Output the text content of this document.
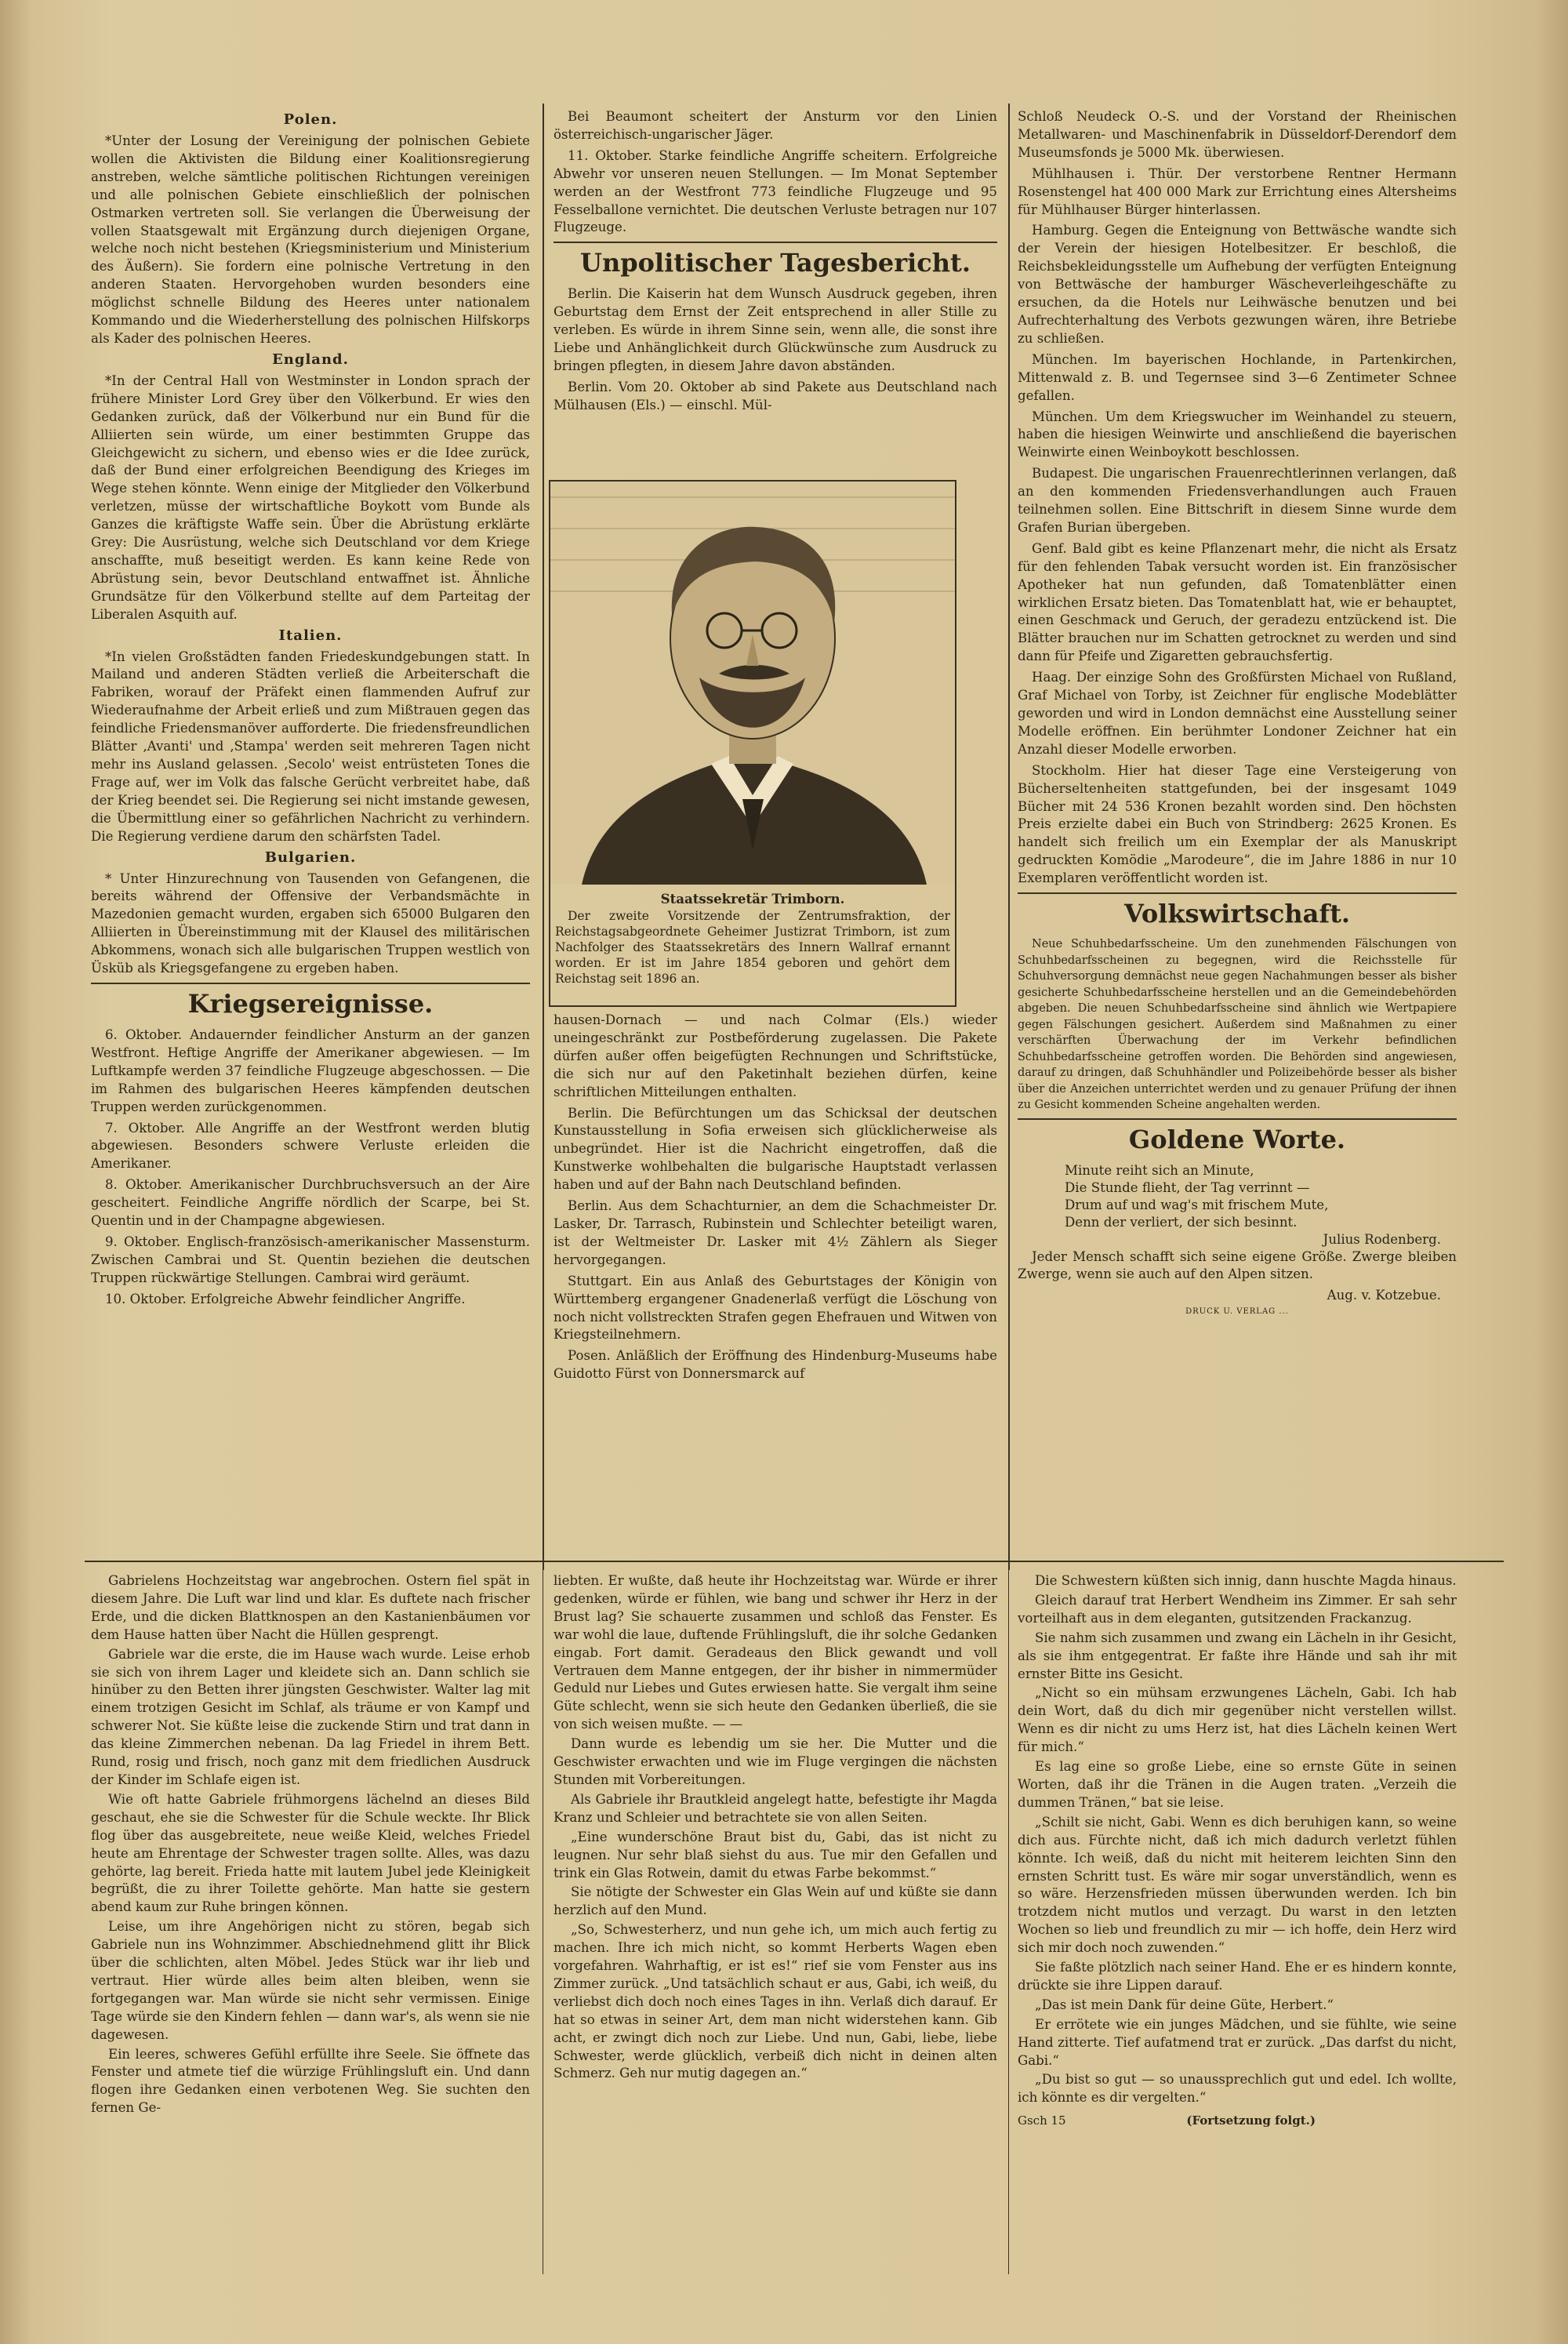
Polen.

*Unter der Losung der Vereinigung der polnischen Gebiete wollen die Aktivisten die Bildung einer Koalitionsregierung anstreben, welche sämtliche politischen Richtungen vereinigen und alle polnischen Gebiete einschließlich der polnischen Ostmarken vertreten soll. Sie verlangen die Überweisung der vollen Staatsgewalt mit Ergänzung durch diejenigen Organe, welche noch nicht bestehen (Kriegsministerium und Ministerium des Äußern). Sie fordern eine polnische Vertretung in den anderen Staaten. Hervorgehoben wurden besonders eine möglichst schnelle Bildung des Heeres unter nationalem Kommando und die Wiederherstellung des polnischen Hilfskorps als Kader des polnischen Heeres.

England.

*In der Central Hall von Westminster in London sprach der frühere Minister Lord Grey über den Völkerbund. Er wies den Gedanken zurück, daß der Völkerbund nur ein Bund für die Alliierten sein würde, um einer bestimmten Gruppe das Gleichgewicht zu sichern, und ebenso wies er die Idee zurück, daß der Bund einer erfolgreichen Beendigung des Krieges im Wege stehen könnte. Wenn einige der Mitglieder den Völkerbund verletzen, müsse der wirtschaftliche Boykott vom Bunde als Ganzes die kräftigste Waffe sein. Über die Abrüstung erklärte Grey: Die Ausrüstung, welche sich Deutschland vor dem Kriege anschaffte, muß beseitigt werden. Es kann keine Rede von Abrüstung sein, bevor Deutschland entwaffnet ist. Ähnliche Grundsätze für den Völkerbund stellte auf dem Parteitag der Liberalen Asquith auf.

Italien.

*In vielen Großstädten fanden Friedeskundgebungen statt. In Mailand und anderen Städten verließ die Arbeiterschaft die Fabriken, worauf der Präfekt einen flammenden Aufruf zur Wiederaufnahme der Arbeit erließ und zum Mißtrauen gegen das feindliche Friedensmanöver aufforderte. Die friedensfreundlichen Blätter ‚Avanti' und ‚Stampa' werden seit mehreren Tagen nicht mehr ins Ausland gelassen. ‚Secolo' weist entrüsteten Tones die Frage auf, wer im Volk das falsche Gerücht verbreitet habe, daß der Krieg beendet sei. Die Regierung sei nicht imstande gewesen, die Übermittlung einer so gefährlichen Nachricht zu verhindern. Die Regierung verdiene darum den schärfsten Tadel.

Bulgarien.

* Unter Hinzurechnung von Tausenden von Gefangenen, die bereits während der Offensive der Verbandsmächte in Mazedonien gemacht wurden, ergaben sich 65000 Bulgaren den Alliierten in Übereinstimmung mit der Klausel des militärischen Abkommens, wonach sich alle bulgarischen Truppen westlich von Üsküb als Kriegsgefangene zu ergeben haben.

Kriegsereignisse.

6. Oktober. Andauernder feindlicher Ansturm an der ganzen Westfront. Heftige Angriffe der Amerikaner abgewiesen. — Im Luftkampfe werden 37 feindliche Flugzeuge abgeschossen. — Die im Rahmen des bulgarischen Heeres kämpfenden deutschen Truppen werden zurückgenommen.

7. Oktober. Alle Angriffe an der Westfront werden blutig abgewiesen. Besonders schwere Verluste erleiden die Amerikaner.

8. Oktober. Amerikanischer Durchbruchsversuch an der Aire gescheitert. Feindliche Angriffe nördlich der Scarpe, bei St. Quentin und in der Champagne abgewiesen.

9. Oktober. Englisch-französisch-amerikanischer Massensturm. Zwischen Cambrai und St. Quentin beziehen die deutschen Truppen rückwärtige Stellungen. Cambrai wird geräumt.

10. Oktober. Erfolgreiche Abwehr feindlicher Angriffe.

Bei Beaumont scheitert der Ansturm vor den Linien österreichisch-ungarischer Jäger.

11. Oktober. Starke feindliche Angriffe scheitern. Erfolgreiche Abwehr vor unseren neuen Stellungen. — Im Monat September werden an der Westfront 773 feindliche Flugzeuge und 95 Fesselballone vernichtet. Die deutschen Verluste betragen nur 107 Flugzeuge.

Unpolitischer Tagesbericht.

Berlin. Die Kaiserin hat dem Wunsch Ausdruck gegeben, ihren Geburtstag dem Ernst der Zeit entsprechend in aller Stille zu verleben. Es würde in ihrem Sinne sein, wenn alle, die sonst ihre Liebe und Anhänglichkeit durch Glückwünsche zum Ausdruck zu bringen pflegten, in diesem Jahre davon abständen.

Berlin. Vom 20. Oktober ab sind Pakete aus Deutschland nach Mülhausen (Els.) — einschl. Mül-

Staatssekretär Trimborn.

Der zweite Vorsitzende der Zentrumsfraktion, der Reichstagsabgeordnete Geheimer Justizrat Trimborn, ist zum Nachfolger des Staatssekretärs des Innern Wallraf ernannt worden. Er ist im Jahre 1854 geboren und gehört dem Reichstag seit 1896 an.

hausen-Dornach — und nach Colmar (Els.) wieder uneingeschränkt zur Postbeförderung zugelassen. Die Pakete dürfen außer offen beigefügten Rechnungen und Schriftstücke, die sich nur auf den Paketinhalt beziehen dürfen, keine schriftlichen Mitteilungen enthalten.

Berlin. Die Befürchtungen um das Schicksal der deutschen Kunstausstellung in Sofia erweisen sich glücklicherweise als unbegründet. Hier ist die Nachricht eingetroffen, daß die Kunstwerke wohlbehalten die bulgarische Hauptstadt verlassen haben und auf der Bahn nach Deutschland befinden.

Berlin. Aus dem Schachturnier, an dem die Schachmeister Dr. Lasker, Dr. Tarrasch, Rubinstein und Schlechter beteiligt waren, ist der Weltmeister Dr. Lasker mit 4½ Zählern als Sieger hervorgegangen.

Stuttgart. Ein aus Anlaß des Geburtstages der Königin von Württemberg ergangener Gnadenerlaß verfügt die Löschung von noch nicht vollstreckten Strafen gegen Ehefrauen und Witwen von Kriegsteilnehmern.

Posen. Anläßlich der Eröffnung des Hindenburg-Museums habe Guidotto Fürst von Donnersmarck auf

Schloß Neudeck O.-S. und der Vorstand der Rheinischen Metallwaren- und Maschinenfabrik in Düsseldorf-Derendorf dem Museumsfonds je 5000 Mk. überwiesen.

Mühlhausen i. Thür. Der verstorbene Rentner Hermann Rosenstengel hat 400 000 Mark zur Errichtung eines Altersheims für Mühlhauser Bürger hinterlassen.

Hamburg. Gegen die Enteignung von Bettwäsche wandte sich der Verein der hiesigen Hotelbesitzer. Er beschloß, die Reichsbekleidungsstelle um Aufhebung der verfügten Enteignung von Bettwäsche der hamburger Wäscheverleihgeschäfte zu ersuchen, da die Hotels nur Leihwäsche benutzen und bei Aufrechterhaltung des Verbots gezwungen wären, ihre Betriebe zu schließen.

München. Im bayerischen Hochlande, in Partenkirchen, Mittenwald z. B. und Tegernsee sind 3—6 Zentimeter Schnee gefallen.

München. Um dem Kriegswucher im Weinhandel zu steuern, haben die hiesigen Weinwirte und anschließend die bayerischen Weinwirte einen Weinboykott beschlossen.

Budapest. Die ungarischen Frauenrechtlerinnen verlangen, daß an den kommenden Friedensverhandlungen auch Frauen teilnehmen sollen. Eine Bittschrift in diesem Sinne wurde dem Grafen Burian übergeben.

Genf. Bald gibt es keine Pflanzenart mehr, die nicht als Ersatz für den fehlenden Tabak versucht worden ist. Ein französischer Apotheker hat nun gefunden, daß Tomatenblätter einen wirklichen Ersatz bieten. Das Tomatenblatt hat, wie er behauptet, einen Geschmack und Geruch, der geradezu entzückend ist. Die Blätter brauchen nur im Schatten getrocknet zu werden und sind dann für Pfeife und Zigaretten gebrauchsfertig.

Haag. Der einzige Sohn des Großfürsten Michael von Rußland, Graf Michael von Torby, ist Zeichner für englische Modeblätter geworden und wird in London demnächst eine Ausstellung seiner Modelle eröffnen. Ein berühmter Londoner Zeichner hat ein Anzahl dieser Modelle erworben.

Stockholm. Hier hat dieser Tage eine Versteigerung von Bücherseltenheiten stattgefunden, bei der insgesamt 1049 Bücher mit 24 536 Kronen bezahlt worden sind. Den höchsten Preis erzielte dabei ein Buch von Strindberg: 2625 Kronen. Es handelt sich freilich um ein Exemplar der als Manuskript gedruckten Komödie „Marodeure“, die im Jahre 1886 in nur 10 Exemplaren veröffentlicht worden ist.

Volkswirtschaft.

Neue Schuhbedarfsscheine. Um den zunehmenden Fälschungen von Schuhbedarfsscheinen zu begegnen, wird die Reichsstelle für Schuhversorgung demnächst neue gegen Nachahmungen besser als bisher gesicherte Schuhbedarfsscheine herstellen und an die Gemeindebehörden abgeben. Die neuen Schuhbedarfsscheine sind ähnlich wie Wertpapiere gegen Fälschungen gesichert. Außerdem sind Maßnahmen zu einer verschärften Überwachung der im Verkehr befindlichen Schuhbedarfsscheine getroffen worden. Die Behörden sind angewiesen, darauf zu dringen, daß Schuhhändler und Polizeibehörde besser als bisher über die Anzeichen unterrichtet werden und zu genauer Prüfung der ihnen zu Gesicht kommenden Scheine angehalten werden.

Goldene Worte.
Minute reiht sich an Minute,
Die Stunde flieht, der Tag verrinnt —
Drum auf und wag's mit frischem Mute,
Denn der verliert, der sich besinnt.
Julius Rodenberg.

Jeder Mensch schafft sich seine eigene Größe. Zwerge bleiben Zwerge, wenn sie auch auf den Alpen sitzen.

Aug. v. Kotzebue.
DRUCK U. VERLAG ...

Gabrielens Hochzeitstag war angebrochen. Ostern fiel spät in diesem Jahre. Die Luft war lind und klar. Es duftete nach frischer Erde, und die dicken Blattknospen an den Kastanienbäumen vor dem Hause hatten über Nacht die Hüllen gesprengt.

Gabriele war die erste, die im Hause wach wurde. Leise erhob sie sich von ihrem Lager und kleidete sich an. Dann schlich sie hinüber zu den Betten ihrer jüngsten Geschwister. Walter lag mit einem trotzigen Gesicht im Schlaf, als träume er von Kampf und schwerer Not. Sie küßte leise die zuckende Stirn und trat dann in das kleine Zimmerchen nebenan. Da lag Friedel in ihrem Bett. Rund, rosig und frisch, noch ganz mit dem friedlichen Ausdruck der Kinder im Schlafe eigen ist.

Wie oft hatte Gabriele frühmorgens lächelnd an dieses Bild geschaut, ehe sie die Schwester für die Schule weckte. Ihr Blick flog über das ausgebreitete, neue weiße Kleid, welches Friedel heute am Ehrentage der Schwester tragen sollte. Alles, was dazu gehörte, lag bereit. Frieda hatte mit lautem Jubel jede Kleinigkeit begrüßt, die zu ihrer Toilette gehörte. Man hatte sie gestern abend kaum zur Ruhe bringen können.

Leise, um ihre Angehörigen nicht zu stören, begab sich Gabriele nun ins Wohnzimmer. Abschiednehmend glitt ihr Blick über die schlichten, alten Möbel. Jedes Stück war ihr lieb und vertraut. Hier würde alles beim alten bleiben, wenn sie fortgegangen war. Man würde sie nicht sehr vermissen. Einige Tage würde sie den Kindern fehlen — dann war's, als wenn sie nie dagewesen.

Ein leeres, schweres Gefühl erfüllte ihre Seele. Sie öffnete das Fenster und atmete tief die würzige Frühlingsluft ein. Und dann flogen ihre Gedanken einen verbotenen Weg. Sie suchten den fernen Ge-

liebten. Er wußte, daß heute ihr Hochzeitstag war. Würde er ihrer gedenken, würde er fühlen, wie bang und schwer ihr Herz in der Brust lag? Sie schauerte zusammen und schloß das Fenster. Es war wohl die laue, duftende Frühlingsluft, die ihr solche Gedanken eingab. Fort damit. Geradeaus den Blick gewandt und voll Vertrauen dem Manne entgegen, der ihr bisher in nimmermüder Geduld nur Liebes und Gutes erwiesen hatte. Sie vergalt ihm seine Güte schlecht, wenn sie sich heute den Gedanken überließ, die sie von sich weisen mußte. — —

Dann wurde es lebendig um sie her. Die Mutter und die Geschwister erwachten und wie im Fluge vergingen die nächsten Stunden mit Vorbereitungen.

Als Gabriele ihr Brautkleid angelegt hatte, befestigte ihr Magda Kranz und Schleier und betrachtete sie von allen Seiten.

„Eine wunderschöne Braut bist du, Gabi, das ist nicht zu leugnen. Nur sehr blaß siehst du aus. Tue mir den Gefallen und trink ein Glas Rotwein, damit du etwas Farbe bekommst.“

Sie nötigte der Schwester ein Glas Wein auf und küßte sie dann herzlich auf den Mund.

„So, Schwesterherz, und nun gehe ich, um mich auch fertig zu machen. Ihre ich mich nicht, so kommt Herberts Wagen eben vorgefahren. Wahrhaftig, er ist es!“ rief sie vom Fenster aus ins Zimmer zurück. „Und tatsächlich schaut er aus, Gabi, ich weiß, du verliebst dich doch noch eines Tages in ihn. Verlaß dich darauf. Er hat so etwas in seiner Art, dem man nicht widerstehen kann. Gib acht, er zwingt dich noch zur Liebe. Und nun, Gabi, liebe, liebe Schwester, werde glücklich, verbeiß dich nicht in deinen alten Schmerz. Geh nur mutig dagegen an.“

Die Schwestern küßten sich innig, dann huschte Magda hinaus.

Gleich darauf trat Herbert Wendheim ins Zimmer. Er sah sehr vorteilhaft aus in dem eleganten, gutsitzenden Frackanzug.

Sie nahm sich zusammen und zwang ein Lächeln in ihr Gesicht, als sie ihm entgegentrat. Er faßte ihre Hände und sah ihr mit ernster Bitte ins Gesicht.

„Nicht so ein mühsam erzwungenes Lächeln, Gabi. Ich hab dein Wort, daß du dich mir gegenüber nicht verstellen willst. Wenn es dir nicht zu ums Herz ist, hat dies Lächeln keinen Wert für mich.“

Es lag eine so große Liebe, eine so ernste Güte in seinen Worten, daß ihr die Tränen in die Augen traten. „Verzeih die dummen Tränen,“ bat sie leise.

„Schilt sie nicht, Gabi. Wenn es dich beruhigen kann, so weine dich aus. Fürchte nicht, daß ich mich dadurch verletzt fühlen könnte. Ich weiß, daß du nicht mit heiterem leichten Sinn den ernsten Schritt tust. Es wäre mir sogar unverständlich, wenn es so wäre. Herzensfrieden müssen überwunden werden. Ich bin trotzdem nicht mutlos und verzagt. Du warst in den letzten Wochen so lieb und freundlich zu mir — ich hoffe, dein Herz wird sich mir doch noch zuwenden.“

Sie faßte plötzlich nach seiner Hand. Ehe er es hindern konnte, drückte sie ihre Lippen darauf.

„Das ist mein Dank für deine Güte, Herbert.“

Er errötete wie ein junges Mädchen, und sie fühlte, wie seine Hand zitterte. Tief aufatmend trat er zurück. „Das darfst du nicht, Gabi.“

„Du bist so gut — so unaussprechlich gut und edel. Ich wollte, ich könnte es dir vergelten.“

Gsch 15	(Fortsetzung folgt.)
